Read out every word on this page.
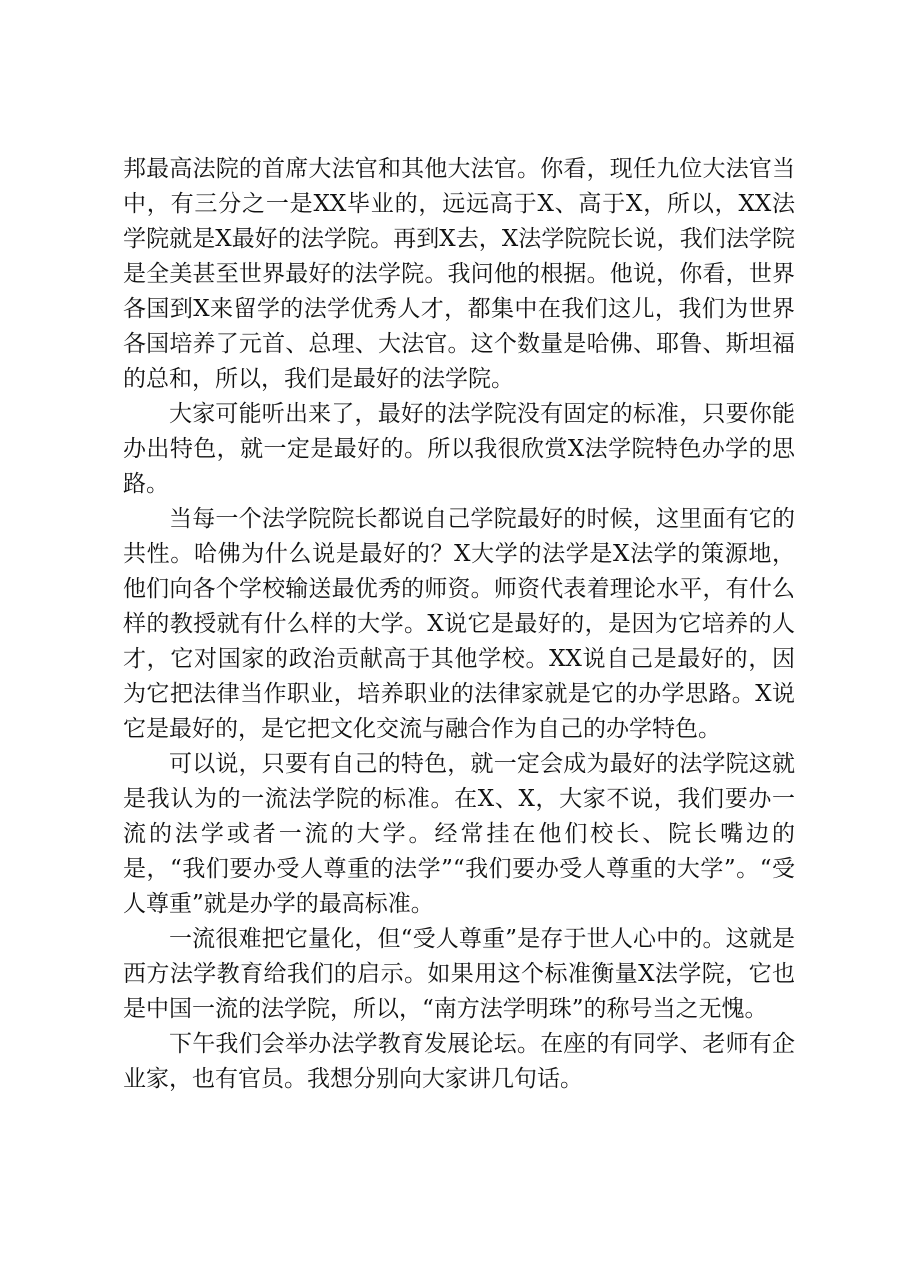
邦最高法院的首席大法官和其他大法官。你看，现任九位大法官当中，有三分之一是XX毕业的，远远高于X、高于X，所以，XX法学院就是X最好的法学院。再到X去，X法学院院长说，我们法学院是全美甚至世界最好的法学院。我问他的根据。他说，你看，世界各国到X来留学的法学优秀人才，都集中在我们这儿，我们为世界各国培养了元首、总理、大法官。这个数量是哈佛、耶鲁、斯坦福的总和，所以，我们是最好的法学院。

大家可能听出来了，最好的法学院没有固定的标准，只要你能办出特色，就一定是最好的。所以我很欣赏X法学院特色办学的思路。

当每一个法学院院长都说自己学院最好的时候，这里面有它的共性。哈佛为什么说是最好的？X大学的法学是X法学的策源地，他们向各个学校输送最优秀的师资。师资代表着理论水平，有什么样的教授就有什么样的大学。X说它是最好的，是因为它培养的人才，它对国家的政治贡献高于其他学校。XX说自己是最好的，因为它把法律当作职业，培养职业的法律家就是它的办学思路。X说它是最好的，是它把文化交流与融合作为自己的办学特色。

可以说，只要有自己的特色，就一定会成为最好的法学院这就是我认为的一流法学院的标准。在X、X，大家不说，我们要办一流的法学或者一流的大学。经常挂在他们校长、院长嘴边的是，“我们要办受人尊重的法学”“我们要办受人尊重的大学”。“受人尊重”就是办学的最高标准。

一流很难把它量化，但“受人尊重”是存于世人心中的。这就是西方法学教育给我们的启示。如果用这个标准衡量X法学院，它也是中国一流的法学院，所以，“南方法学明珠”的称号当之无愧。

下午我们会举办法学教育发展论坛。在座的有同学、老师有企业家，也有官员。我想分别向大家讲几句话。
